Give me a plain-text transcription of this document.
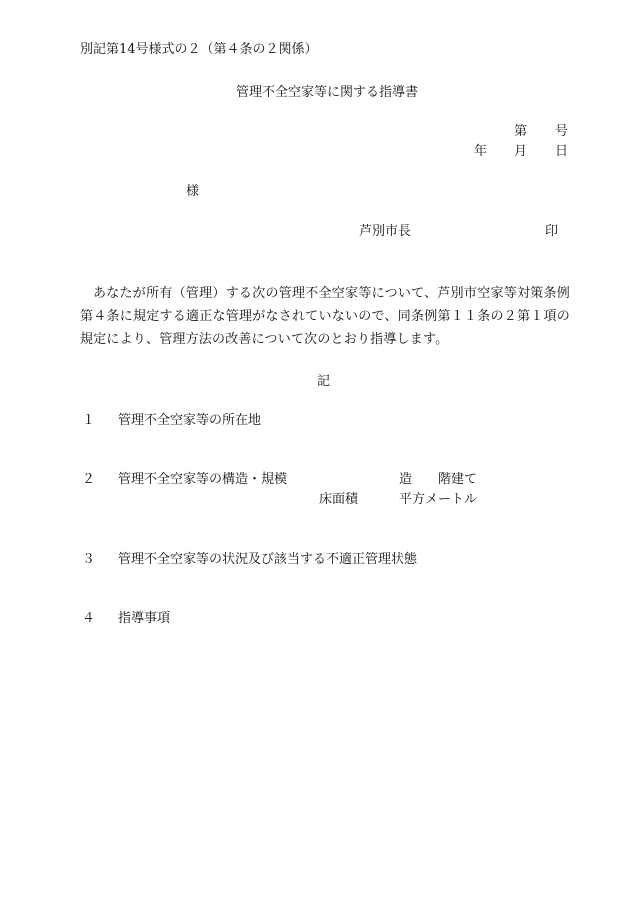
別記第14号様式の２（第４条の２関係）
管理不全空家等に関する指導書
第 号
年 月 日
様
芦別市長	印
あなたが所有（管理）する次の管理不全空家等について、芦別市空家等対策条例第４条に規定する適正な管理がなされていないので、同条例第１１条の２第１項の規定により、管理方法の改善について次のとおり指導します。
記
１ 管理不全空家等の所在地
２ 管理不全空家等の構造・規模	造 階建て
床面積	平方メートル
３ 管理不全空家等の状況及び該当する不適正管理状態
４ 指導事項
